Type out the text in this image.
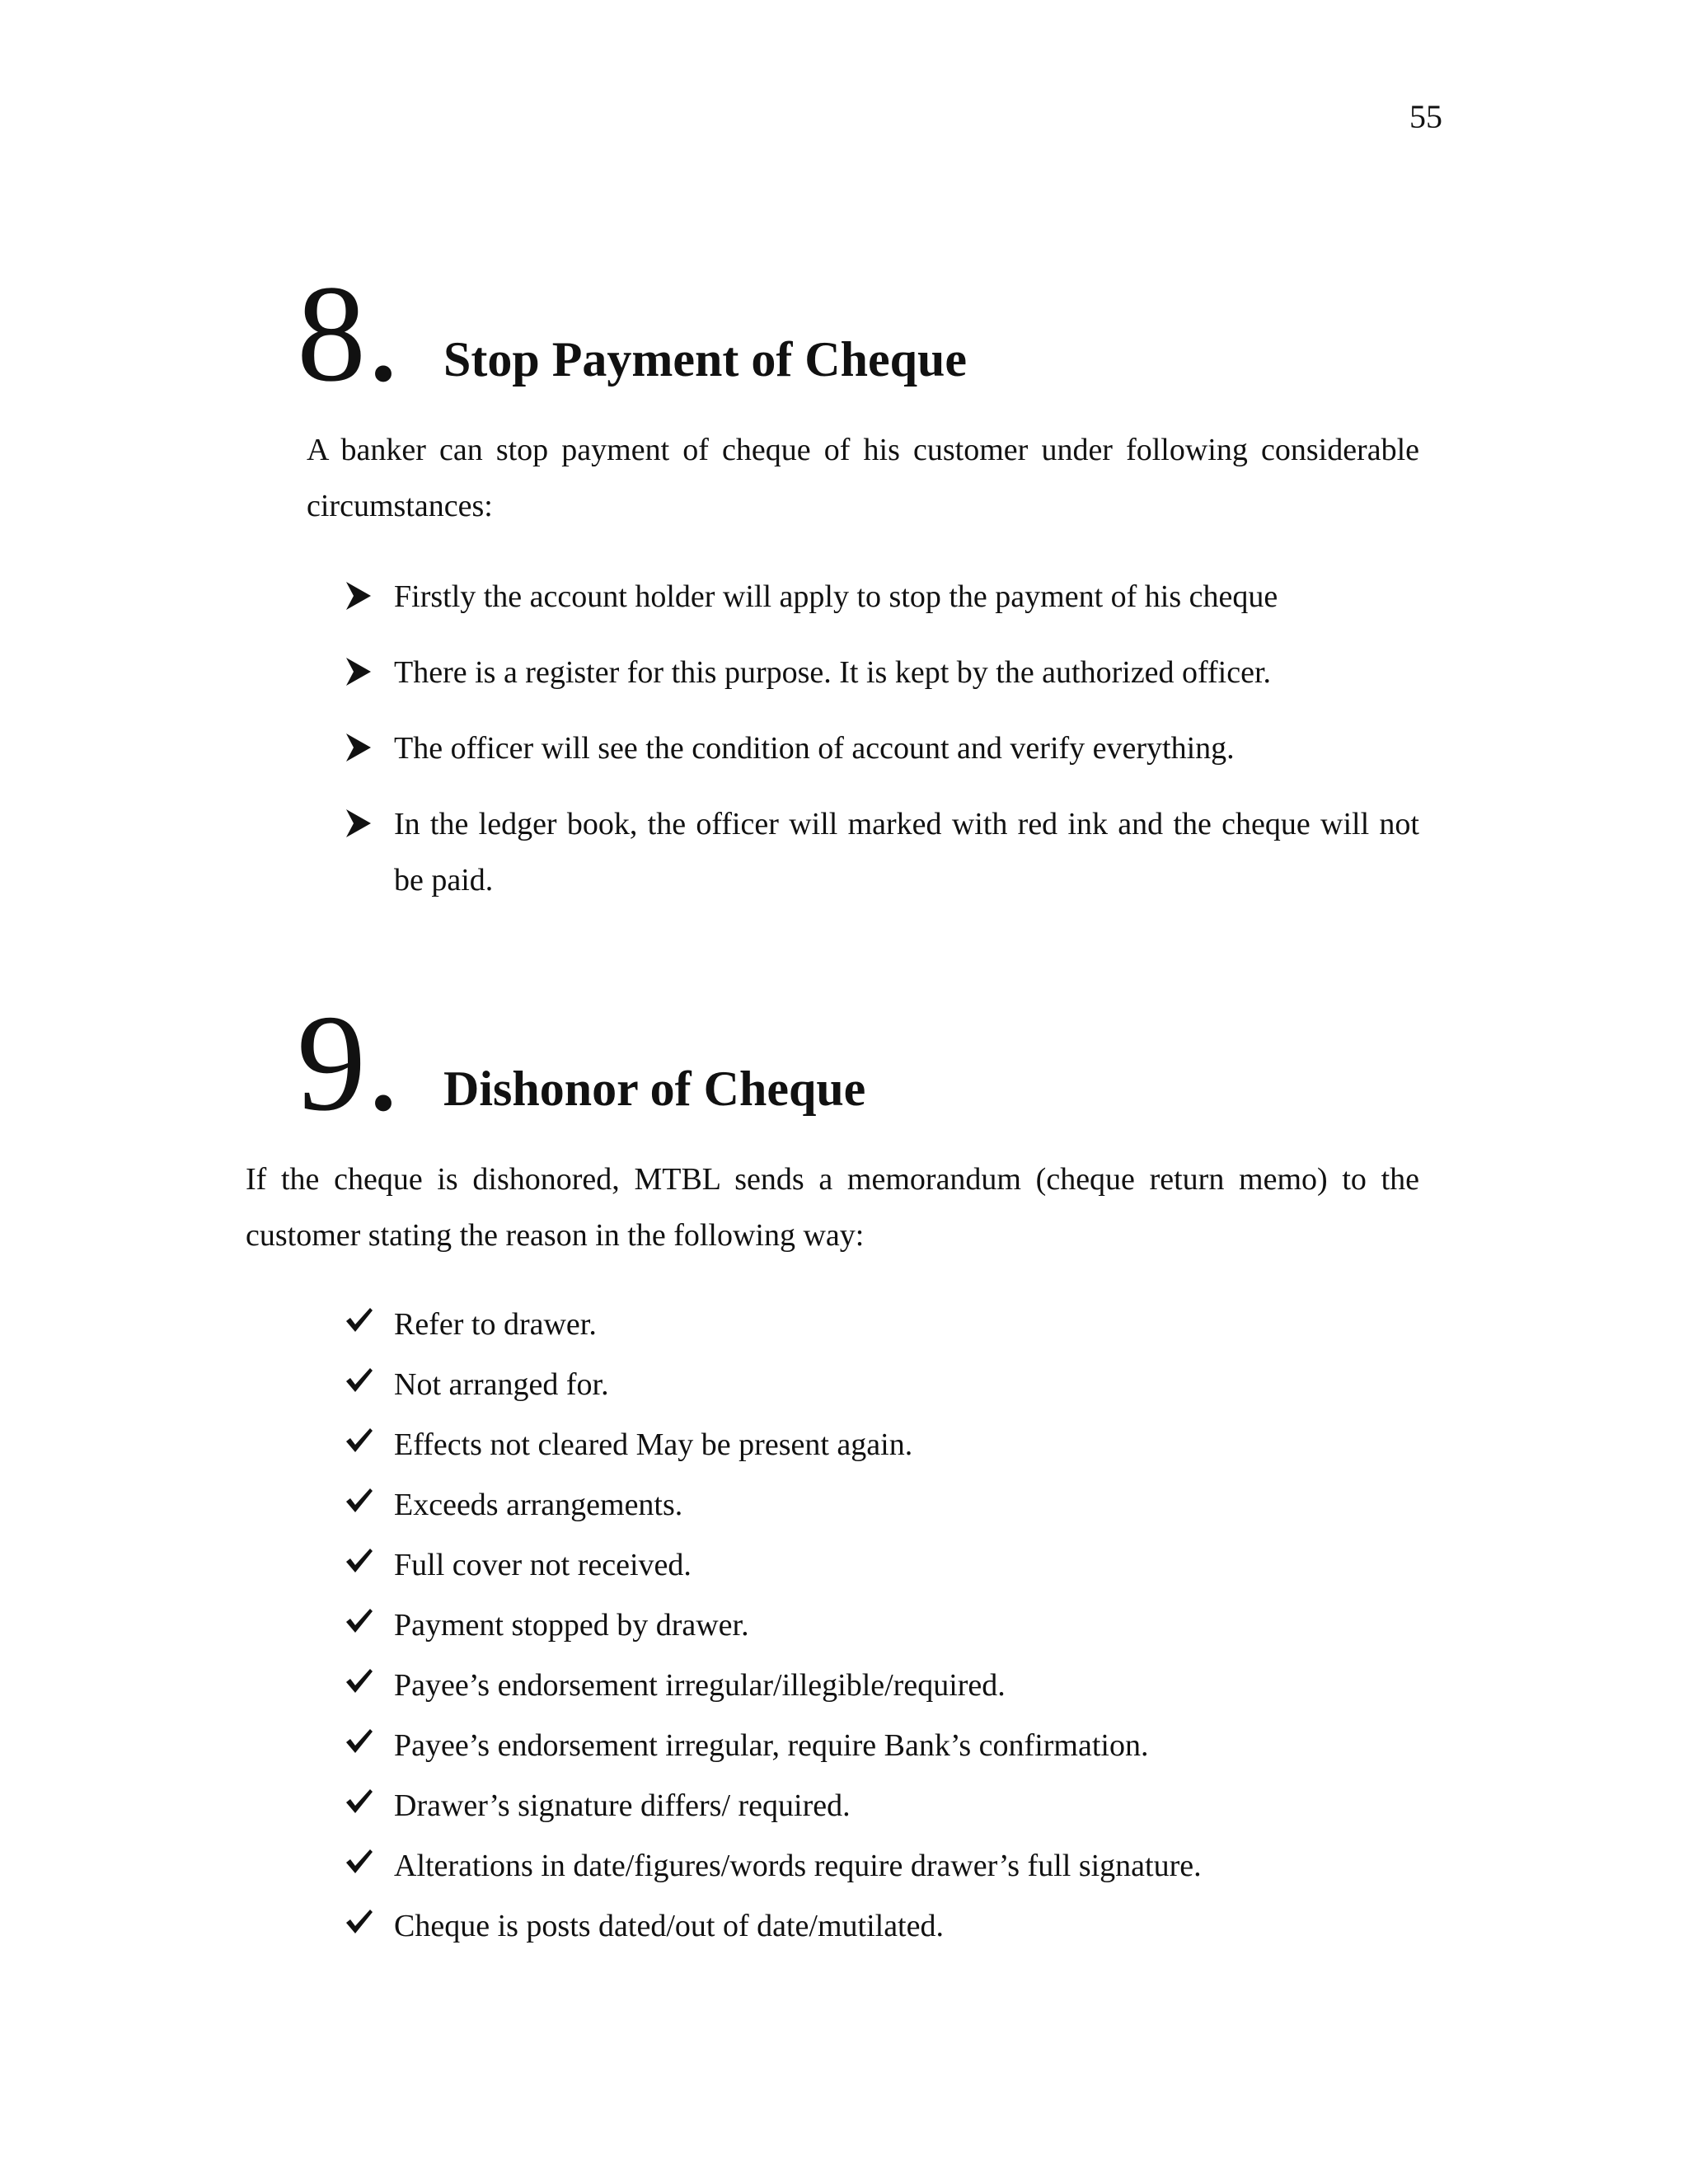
55
8. Stop Payment of Cheque

A banker can stop payment of cheque of his customer under following considerable circumstances:

Firstly the account holder will apply to stop the payment of his cheque
There is a register for this purpose. It is kept by the authorized officer.
The officer will see the condition of account and verify everything.
In the ledger book, the officer will marked with red ink and the cheque will not be paid.
9. Dishonor of Cheque

If the cheque is dishonored, MTBL sends a memorandum (cheque return memo) to the customer stating the reason in the following way:

Refer to drawer.
Not arranged for.
Effects not cleared May be present again.
Exceeds arrangements.
Full cover not received.
Payment stopped by drawer.
Payee’s endorsement irregular/illegible/required.
Payee’s endorsement irregular, require Bank’s confirmation.
Drawer’s signature differs/ required.
Alterations in date/figures/words require drawer’s full signature.
Cheque is posts dated/out of date/mutilated.
